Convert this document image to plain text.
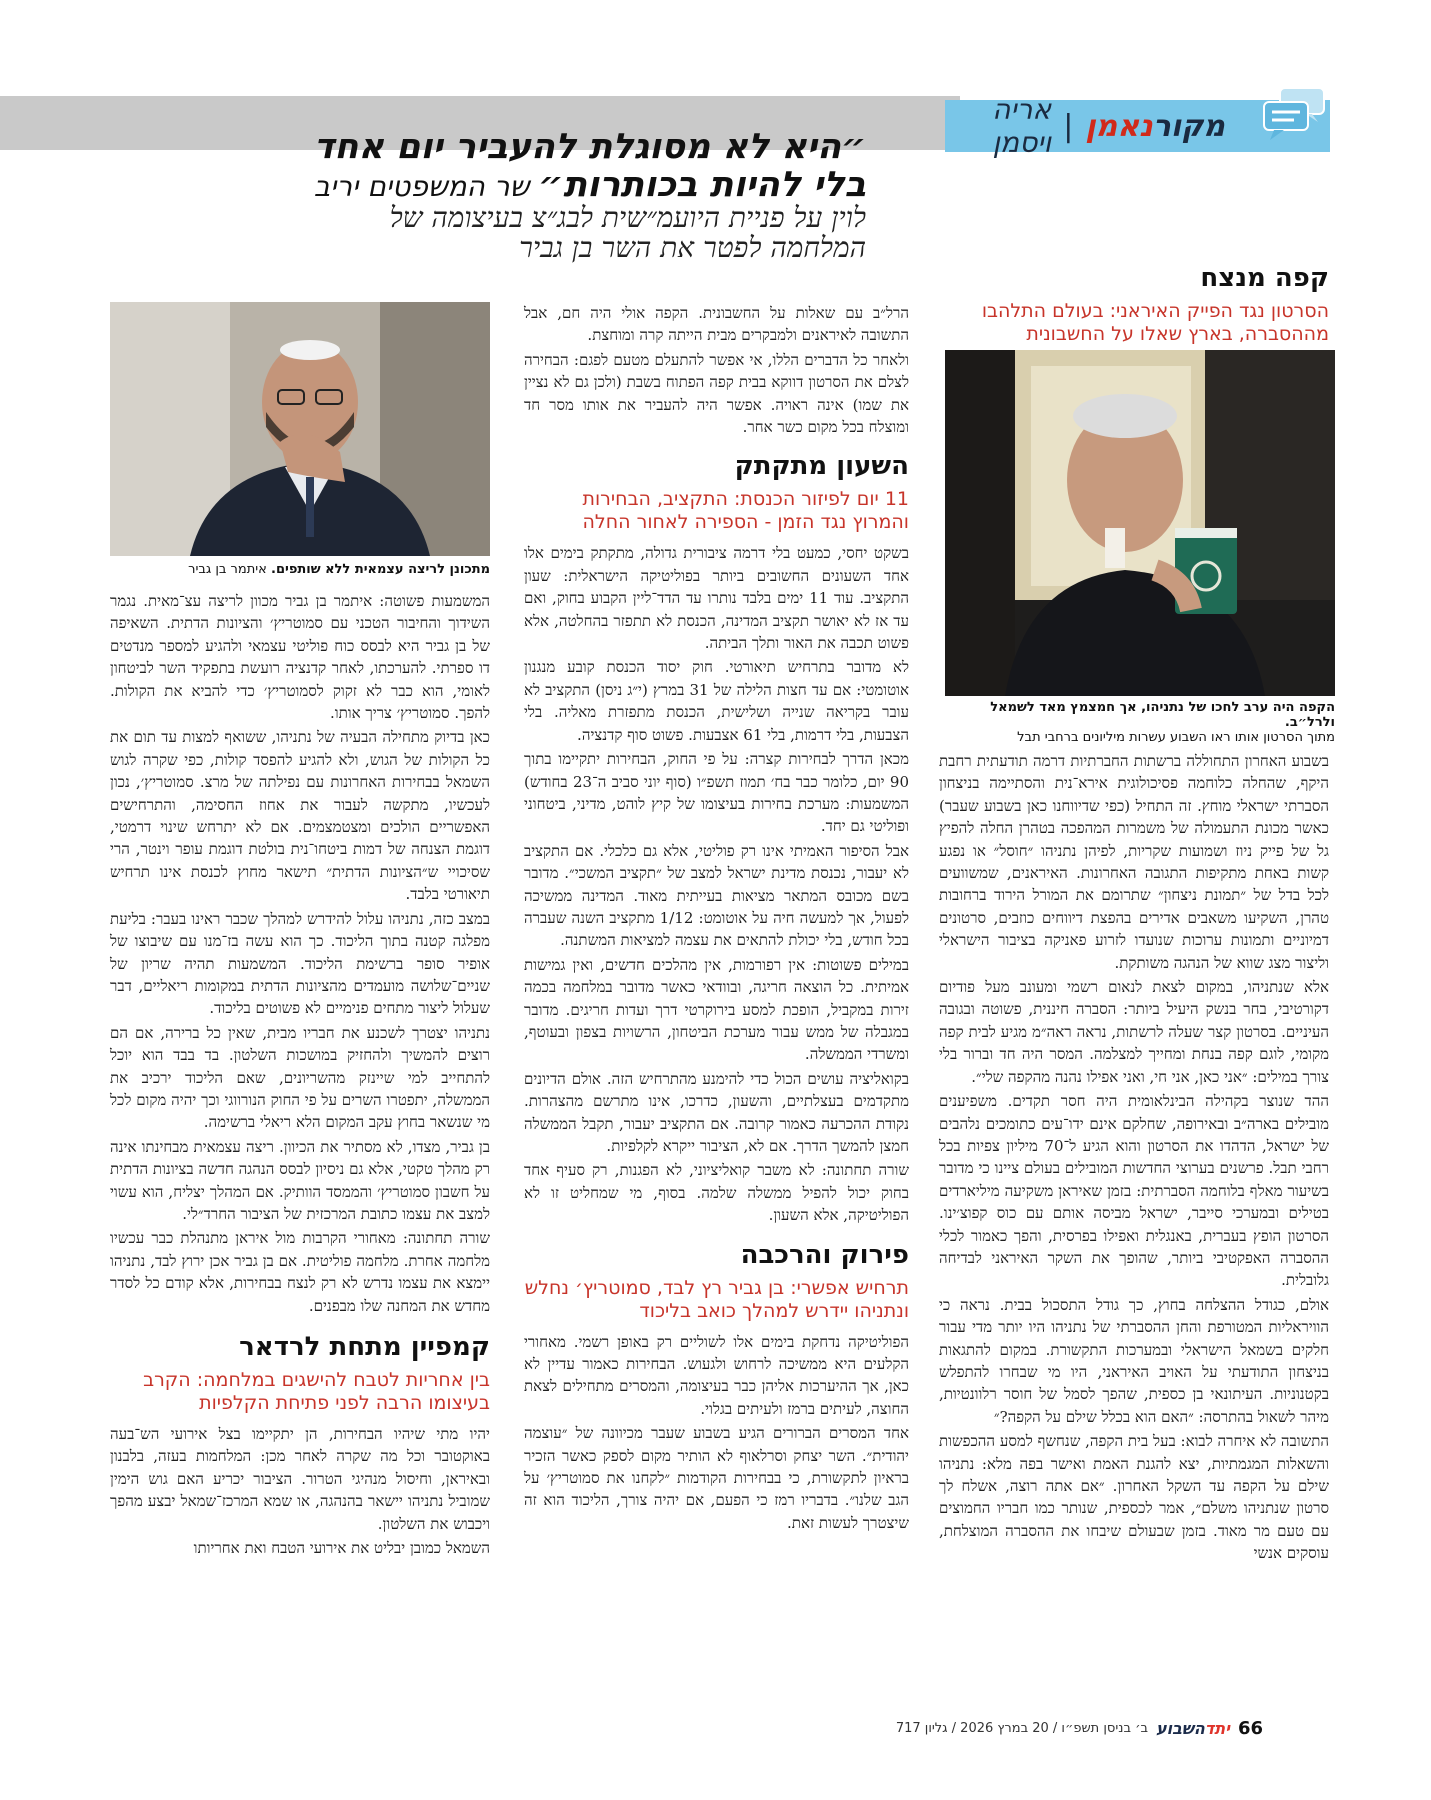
מקורנאמן
|
אריה ויסמן
״היא לא מסוגלת להעביר יום אחד
בלי להיות בכותרות״ שר המשפטים יריב
לוין על פניית היועמ״שית לבג״צ בעיצומה של
המלחמה לפטר את השר בן גביר
קפה מנצח
הסרטון נגד הפייק האיראני: בעולם התלהבו מההסברה, בארץ שאלו על החשבונית
הקפה היה ערב לחכו של נתניהו, אך חמצמץ מאד לשמאל ולרל״ב.
מתוך הסרטון אותו ראו השבוע עשרות מיליונים ברחבי תבל

בשבוע האחרון התחוללה ברשתות החברתיות דרמה תודעתית רחבת היקף, שהחלה כלוחמה פסיכולוגית אירא־נית והסתיימה בניצחון הסברתי ישראלי מוחץ. זה התחיל (כפי שדיווחנו כאן בשבוע שעבר) כאשר מכונת התעמולה של משמרות המהפכה בטהרן החלה להפיץ גל של פייק ניוז ושמועות שקריות, לפיהן נתניהו ״חוסל״ או נפגע קשות באחת מתקיפות התגובה האחרונות. האיראנים, שמשוועים לכל בדל של ״תמונת ניצחון״ שתרומם את המורל הירוד ברחובות טהרן, השקיעו משאבים אדירים בהפצת דיווחים כוזבים, סרטונים דמיוניים ותמונות ערוכות שנועדו לזרוע פאניקה בציבור הישראלי וליצור מצג שווא של הנהגה משותקת.

אלא שנתניהו, במקום לצאת לנאום רשמי ומעונב מעל פודיום דקורטיבי, בחר בנשק היעיל ביותר: הסברה חיננית, פשוטה ובגובה העיניים. בסרטון קצר שעלה לרשתות, נראה ראה״מ מגיע לבית קפה מקומי, לוגם קפה בנחת ומחייך למצלמה. המסר היה חד וברור בלי צורך במילים: ״אני כאן, אני חי, ואני אפילו נהנה מהקפה שלי״.

ההד שנוצר בקהילה הבינלאומית היה חסר תקדים. משפיענים מובילים בארה״ב ובאירופה, שחלקם אינם ידו־עים כתומכים נלהבים של ישראל, הדהדו את הסרטון והוא הגיע ל־70 מיליון צפיות בכל רחבי תבל. פרשנים בערוצי החדשות המובילים בעולם ציינו כי מדובר בשיעור מאלף בלוחמה הסברתית: בזמן שאיראן משקיעה מיליארדים בטילים ובמערכי סייבר, ישראל מביסה אותם עם כוס קפוצ׳ינו. הסרטון הופץ בעברית, באנגלית ואפילו בפרסית, והפך כאמור לכלי ההסברה האפקטיבי ביותר, שהופך את השקר האיראני לבדיחה גלובלית.

אולם, כגודל ההצלחה בחוץ, כך גודל התסכול בבית. נראה כי הוויראליות המטורפת והחן ההסברתי של נתניהו היו יותר מדי עבור חלקים בשמאל הישראלי ובמערכות התקשורת. במקום להתגאות בניצחון התודעתי על האויב האיראני, היו מי שבחרו להתפלש בקטנוניות. העיתונאי בן כספית, שהפך לסמל של חוסר רלוונטיות, מיהר לשאול בהתרסה: ״האם הוא בכלל שילם על הקפה?״

התשובה לא איחרה לבוא: בעל בית הקפה, שנחשף למסע ההכפשות והשאלות המגמתיות, יצא להגנת האמת ואישר בפה מלא: נתניהו שילם על הקפה עד השקל האחרון. ״אם אתה רוצה, אשלח לך סרטון שנתניהו משלם״, אמר לכספית, שנותר כמו חבריו החמוצים עם טעם מר מאוד. בזמן שבעולם שיבחו את ההסברה המוצלחת, עוסקים אנשי

הרל״ב עם שאלות על החשבונית. הקפה אולי היה חם, אבל התשובה לאיראנים ולמבקרים מבית הייתה קרה ומוחצת.

ולאחר כל הדברים הללו, אי אפשר להתעלם מטעם לפגם: הבחירה לצלם את הסרטון דווקא בבית קפה הפתוח בשבת (ולכן גם לא נציין את שמו) אינה ראויה. אפשר היה להעביר את אותו מסר חד ומוצלח בכל מקום כשר אחר.

השעון מתקתק
11 יום לפיזור הכנסת: התקציב, הבחירות והמרוץ נגד הזמן - הספירה לאחור החלה

בשקט יחסי, כמעט בלי דרמה ציבורית גדולה, מתקתק בימים אלו אחד השעונים החשובים ביותר בפוליטיקה הישראלית: שעון התקציב. עוד 11 ימים בלבד נותרו עד הדד־ליין הקבוע בחוק, ואם עד אז לא יאושר תקציב המדינה, הכנסת לא תתפזר בהחלטה, אלא פשוט תכבה את האור ותלך הביתה.

לא מדובר בתרחיש תיאורטי. חוק יסוד הכנסת קובע מנגנון אוטומטי: אם עד חצות הלילה של 31 במרץ (י״ג ניסן) התקציב לא עובר בקריאה שנייה ושלישית, הכנסת מתפזרת מאליה. בלי הצבעות, בלי דרמות, בלי 61 אצבעות. פשוט סוף קדנציה.

מכאן הדרך לבחירות קצרה: על פי החוק, הבחירות יתקיימו בתוך 90 יום, כלומר כבר בח׳ תמוז תשפ״ו (סוף יוני סביב ה־23 בחודש) המשמעות: מערכת בחירות בעיצומו של קיץ לוהט, מדיני, ביטחוני ופוליטי גם יחד.

אבל הסיפור האמיתי אינו רק פוליטי, אלא גם כלכלי. אם התקציב לא יעבור, נכנסת מדינת ישראל למצב של ״תקציב המשכי״. מדובר בשם מכובס המתאר מציאות בעייתית מאוד. המדינה ממשיכה לפעול, אך למעשה חיה על אוטומט: 1/12 מתקציב השנה שעברה בכל חודש, בלי יכולת להתאים את עצמה למציאות המשתנה.

במילים פשוטות: אין רפורמות, אין מהלכים חדשים, ואין גמישות אמיתית. כל הוצאה חריגה, ובוודאי כאשר מדובר במלחמה בכמה זירות במקביל, הופכת למסע בירוקרטי דרך ועדות חריגים. מדובר במגבלה של ממש עבור מערכת הביטחון, הרשויות בצפון ובעוטף, ומשרדי הממשלה.

בקואליציה עושים הכול כדי להימנע מהתרחיש הזה. אולם הדיונים מתקדמים בעצלתיים, והשעון, כדרכו, אינו מתרשם מהצהרות. נקודת ההכרעה כאמור קרובה. אם התקציב יעבור, תקבל הממשלה חמצן להמשך הדרך. אם לא, הציבור ייקרא לקלפיות.

שורה תחתונה: לא משבר קואליציוני, לא הפגנות, רק סעיף אחד בחוק יכול להפיל ממשלה שלמה. בסוף, מי שמחליט זו לא הפוליטיקה, אלא השעון.

פירוק והרכבה
תרחיש אפשרי: בן גביר רץ לבד, סמוטריץ׳ נחלש ונתניהו יידרש למהלך כואב בליכוד

הפוליטיקה נדחקת בימים אלו לשוליים רק באופן רשמי. מאחורי הקלעים היא ממשיכה לרחוש ולגעוש. הבחירות כאמור עדיין לא כאן, אך ההיערכות אליהן כבר בעיצומה, והמסרים מתחילים לצאת החוצה, לעיתים ברמז ולעיתים בגלוי.

אחד המסרים הברורים הגיע בשבוע שעבר מכיוונה של ״עוצמה יהודית״. השר יצחק וסרלאוף לא הותיר מקום לספק כאשר הזכיר בראיון לתקשורת, כי בבחירות הקודמות ״לקחנו את סמוטריץ׳ על הגב שלנו״. בדבריו רמז כי הפעם, אם יהיה צורך, הליכוד הוא זה שיצטרך לעשות זאת.

מתכונן לריצה עצמאית ללא שותפים. איתמר בן גביר

המשמעות פשוטה: איתמר בן גביר מכוון לריצה עצ־מאית. נגמר השידוך והחיבור הטכני עם סמוטריץ׳ והציונות הדתית. השאיפה של בן גביר היא לבסס כוח פוליטי עצמאי ולהגיע למספר מנדטים דו ספרתי. להערכתו, לאחר קדנציה רועשת בתפקיד השר לביטחון לאומי, הוא כבר לא זקוק לסמוטריץ׳ כדי להביא את הקולות. להפך. סמוטריץ׳ צריך אותו.

כאן בדיוק מתחילה הבעיה של נתניהו, ששואף למצות עד תום את כל הקולות של הגוש, ולא להגיע להפסד קולות, כפי שקרה לגוש השמאל בבחירות האחרונות עם נפילתה של מרצ. סמוטריץ׳, נכון לעכשיו, מתקשה לעבור את אחוז החסימה, והתרחישים האפשריים הולכים ומצטמצמים. אם לא יתרחש שינוי דרמטי, דוגמת הצנחה של דמות ביטחו־נית בולטת דוגמת עופר וינטר, הרי שסיכויי ש״הציונות הדתית״ תישאר מחוץ לכנסת אינו תרחיש תיאורטי בלבד.

במצב כזה, נתניהו עלול להידרש למהלך שכבר ראינו בעבר: בליעת מפלגה קטנה בתוך הליכוד. כך הוא עשה בז־מנו עם שיבוצו של אופיר סופר ברשימת הליכוד. המשמעות תהיה שריון של שניים־שלושה מועמדים מהציונות הדתית במקומות ריאליים, דבר שעלול ליצור מתחים פנימיים לא פשוטים בליכוד.

נתניהו יצטרך לשכנע את חבריו מבית, שאין כל ברירה, אם הם רוצים להמשיך ולהחזיק במושכות השלטון. בד בבד הוא יוכל להתחייב למי שיינזק מהשריונים, שאם הליכוד ירכיב את הממשלה, יתפטרו השרים על פי החוק הנורווגי וכך יהיה מקום לכל מי שנשאר בחוץ עקב המקום הלא ריאלי ברשימה.

בן גביר, מצדו, לא מסתיר את הכיוון. ריצה עצמאית מבחינתו אינה רק מהלך טקטי, אלא גם ניסיון לבסס הנהגה חדשה בציונות הדתית על חשבון סמוטריץ׳ והממסד הוותיק. אם המהלך יצליח, הוא עשוי למצב את עצמו כתובת המרכזית של הציבור החרד״לי.

שורה תחתונה: מאחורי הקרבות מול איראן מתנהלת כבר עכשיו מלחמה אחרת. מלחמה פוליטית. אם בן גביר אכן ירוץ לבד, נתניהו יימצא את עצמו נדרש לא רק לנצח בבחירות, אלא קודם כל לסדר מחדש את המחנה שלו מבפנים.

קמפיין מתחת לרדאר
בין אחריות לטבח להישגים במלחמה: הקרב בעיצומו הרבה לפני פתיחת הקלפיות

יהיו מתי שיהיו הבחירות, הן יתקיימו בצל אירועי הש־בעה באוקטובר וכל מה שקרה לאחר מכן: המלחמות בעזה, בלבנון ובאיראן, וחיסול מנהיגי הטרור. הציבור יכריע האם גוש הימין שמוביל נתניהו יישאר בהנהגה, או שמא המרכז־שמאל יבצע מהפך ויכבוש את השלטון.

השמאל כמובן יבליט את אירועי הטבח ואת אחריותו

66
יתדהשבוע
ב׳ בניסן תשפ״ו / 20 במרץ 2026 / גליון 717
